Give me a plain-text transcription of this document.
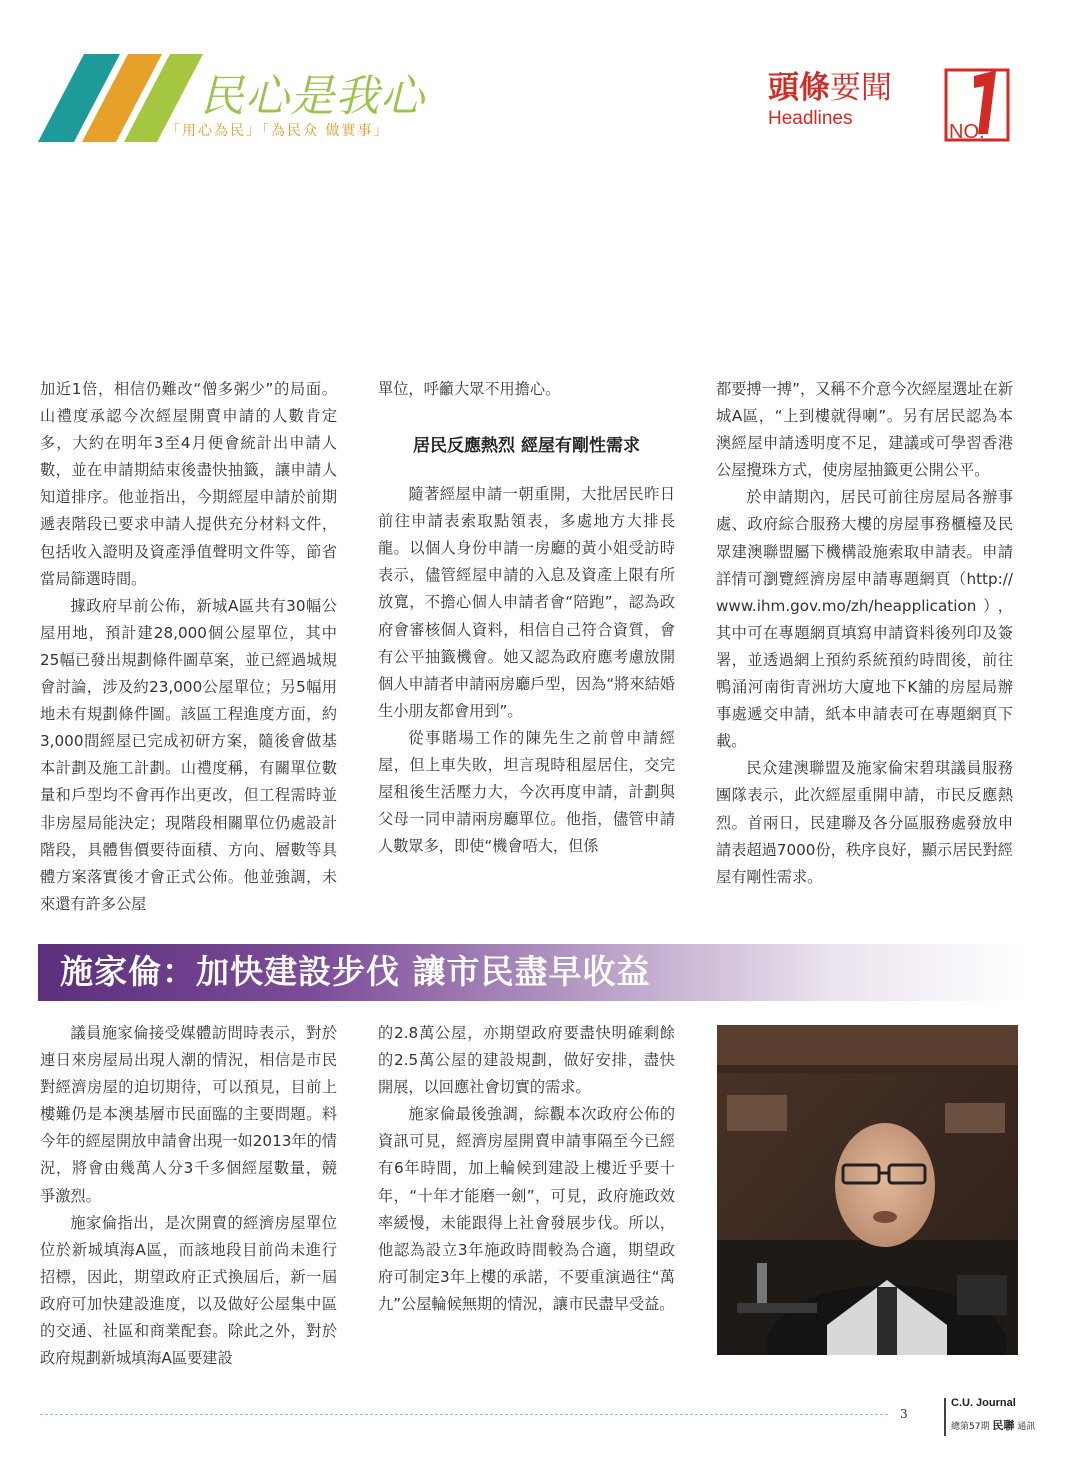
民心是我心
「用心為民」「為民众 做實事」
頭條要聞
Headlines
NO.

加近1倍，相信仍難改“僧多粥少”的局面。山禮度承認今次經屋開賣申請的人數肯定多，大約在明年3至4月便會統計出申請人數，並在申請期結束後盡快抽籤，讓申請人知道排序。他並指出，今期經屋申請於前期遞表階段已要求申請人提供充分材料文件，包括收入證明及資產淨值聲明文件等，節省當局篩選時間。

據政府早前公佈，新城A區共有30幅公屋用地，預計建28,000個公屋單位，其中25幅已發出規劃條件圖草案，並已經過城規會討論，涉及約23,000公屋單位；另5幅用地未有規劃條件圖。該區工程進度方面，約3,000間經屋已完成初研方案，隨後會做基本計劃及施工計劃。山禮度稱，有關單位數量和戶型均不會再作出更改，但工程需時並非房屋局能決定；現階段相關單位仍處設計階段，具體售價要待面積、方向、層數等具體方案落實後才會正式公佈。他並強調，未來還有許多公屋

單位，呼籲大眾不用擔心。

居民反應熱烈 經屋有剛性需求

隨著經屋申請一朝重開，大批居民昨日前往申請表索取點領表，多處地方大排長龍。以個人身份申請一房廳的黃小姐受訪時表示，儘管經屋申請的入息及資產上限有所放寬，不擔心個人申請者會“陪跑”，認為政府會審核個人資料，相信自己符合資質，會有公平抽籤機會。她又認為政府應考慮放開個人申請者申請兩房廳戶型，因為“將來結婚生小朋友都會用到”。

從事賭場工作的陳先生之前曾申請經屋，但上車失敗，坦言現時租屋居住，交完屋租後生活壓力大，今次再度申請，計劃與父母一同申請兩房廳單位。他指，儘管申請人數眾多，即使“機會唔大，但係

都要搏一搏”，又稱不介意今次經屋選址在新城A區，“上到樓就得喇”。另有居民認為本澳經屋申請透明度不足，建議或可學習香港公屋攪珠方式，使房屋抽籤更公開公平。

於申請期內，居民可前往房屋局各辦事處、政府綜合服務大樓的房屋事務櫃檯及民眾建澳聯盟屬下機構設施索取申請表。申請詳情可瀏覽經濟房屋申請專題網頁（http://www.ihm.gov.mo/zh/heapplication），其中可在專題網頁填寫申請資料後列印及簽署，並透過網上預約系統預約時間後，前往鴨涌河南街青洲坊大廈地下K舖的房屋局辦事處遞交申請，紙本申請表可在專題網頁下載。

民众建澳聯盟及施家倫宋碧琪議員服務團隊表示，此次經屋重開申請，市民反應熱烈。首兩日，民建聯及各分區服務處發放申請表超過7000份，秩序良好，顯示居民對經屋有剛性需求。

施家倫：加快建設步伐 讓市民盡早收益

議員施家倫接受媒體訪問時表示，對於連日來房屋局出現人潮的情況，相信是市民對經濟房屋的迫切期待，可以預見，目前上樓難仍是本澳基層市民面臨的主要問題。料今年的經屋開放申請會出現一如2013年的情況，將會由幾萬人分3千多個經屋數量，競爭激烈。

施家倫指出，是次開賣的經濟房屋單位位於新城填海A區，而該地段目前尚未進行招標，因此，期望政府正式換屆后，新一屆政府可加快建設進度，以及做好公屋集中區的交通、社區和商業配套。除此之外，對於政府規劃新城填海A區要建設

的2.8萬公屋，亦期望政府要盡快明確剩餘的2.5萬公屋的建設規劃，做好安排，盡快開展，以回應社會切實的需求。

施家倫最後強調，綜觀本次政府公佈的資訊可見，經濟房屋開賣申請事隔至今已經有6年時間，加上輪候到建設上樓近乎要十年，“十年才能磨一劍”，可見，政府施政效率緩慢，未能跟得上社會發展步伐。所以，他認為設立3年施政時間較為合適，期望政府可制定3年上樓的承諾，不要重演過往“萬九”公屋輪候無期的情況，讓市民盡早受益。

3
C.U. Journal
總第57期 民聯 通訊
